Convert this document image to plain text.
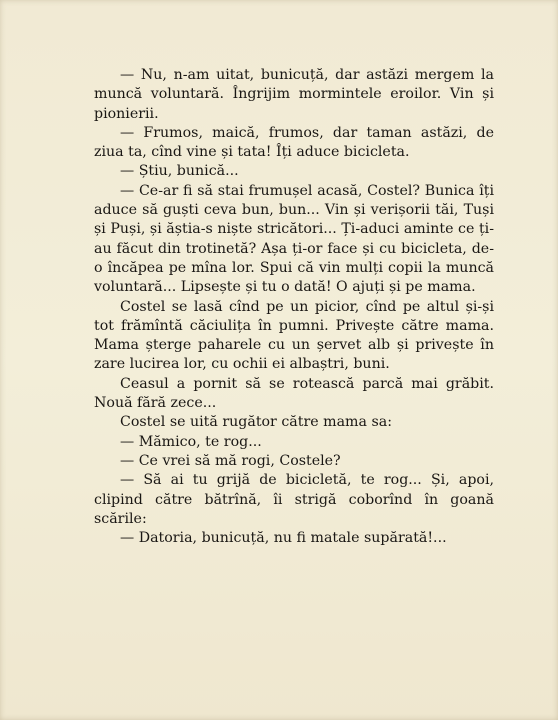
— Nu, n-am uitat, bunicuță, dar astăzi mergem la muncă voluntară. Îngrijim mormintele eroilor. Vin și pionierii.

— Frumos, maică, frumos, dar taman astăzi, de ziua ta, cînd vine și tata! Îți aduce bicicleta.

— Știu, bunică...

— Ce-ar fi să stai frumușel acasă, Costel? Bunica îți aduce să guști ceva bun, bun... Vin și verișorii tăi, Tuși și Puși, și ăștia-s niște stricători... Ți-aduci aminte ce ți-au făcut din trotinetă? Așa ți-or face și cu bicicleta, de-o încăpea pe mîna lor. Spui că vin mulți copii la muncă voluntară... Lipsește și tu o dată! O ajuți și pe mama.

Costel se lasă cînd pe un picior, cînd pe altul și-și tot frămîntă căciulița în pumni. Privește către mama. Mama șterge paharele cu un șervet alb și privește în zare lucirea lor, cu ochii ei albaștri, buni.

Ceasul a pornit să se rotească parcă mai grăbit. Nouă fără zece...

Costel se uită rugător către mama sa:

— Mămico, te rog...

— Ce vrei să mă rogi, Costele?

— Să ai tu grijă de bicicletă, te rog... Și, apoi, clipind către bătrînă, îi strigă coborînd în goană scările:

— Datoria, bunicuță, nu fi matale supărată!...
